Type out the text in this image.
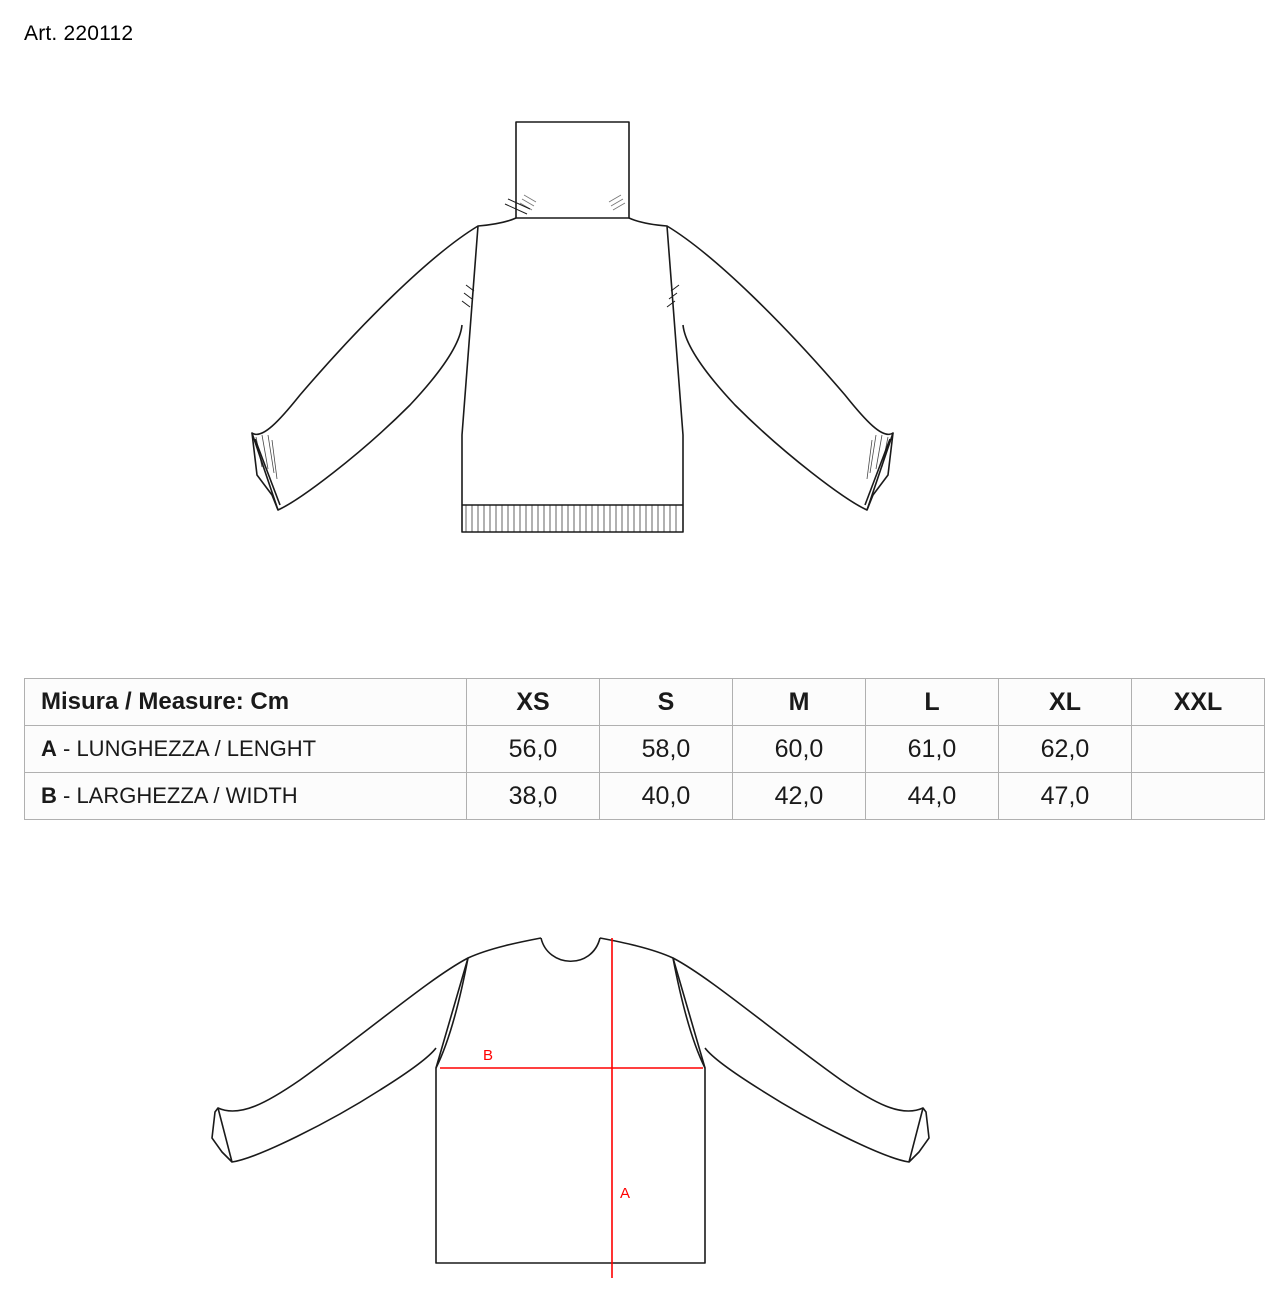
Art. 220112
Misura / Measure: Cm	XS	S	M	L	XL	XXL
A - LUNGHEZZA / LENGHT	56,0	58,0	60,0	61,0	62,0	
B - LARGHEZZA / WIDTH	38,0	40,0	42,0	44,0	47,0	
A
B
